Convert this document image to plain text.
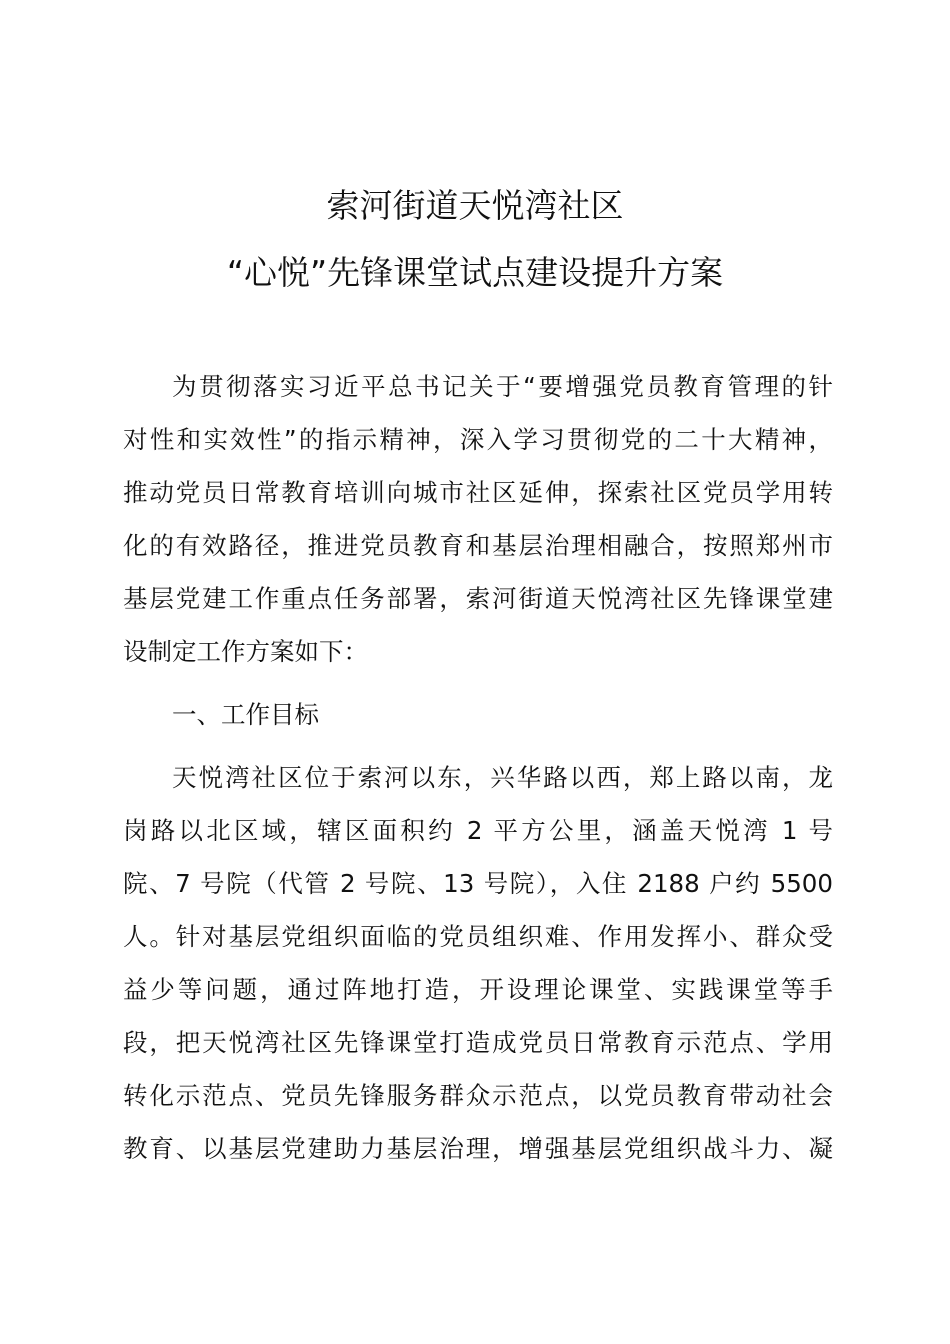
索河街道天悦湾社区
“心悦”先锋课堂试点建设提升方案
为贯彻落实习近平总书记关于“要增强党员教育管理的针
对性和实效性”的指示精神，深入学习贯彻党的二十大精神，
推动党员日常教育培训向城市社区延伸，探索社区党员学用转
化的有效路径，推进党员教育和基层治理相融合，按照郑州市
基层党建工作重点任务部署，索河街道天悦湾社区先锋课堂建
设制定工作方案如下：
一、工作目标
天悦湾社区位于索河以东，兴华路以西，郑上路以南，龙
岗路以北区域，辖区面积约 2 平方公里，涵盖天悦湾 1 号
院、7 号院（代管 2 号院、13 号院），入住 2188 户约 5500
人。针对基层党组织面临的党员组织难、作用发挥小、群众受
益少等问题，通过阵地打造，开设理论课堂、实践课堂等手
段，把天悦湾社区先锋课堂打造成党员日常教育示范点、学用
转化示范点、党员先锋服务群众示范点，以党员教育带动社会
教育、以基层党建助力基层治理，增强基层党组织战斗力、凝
